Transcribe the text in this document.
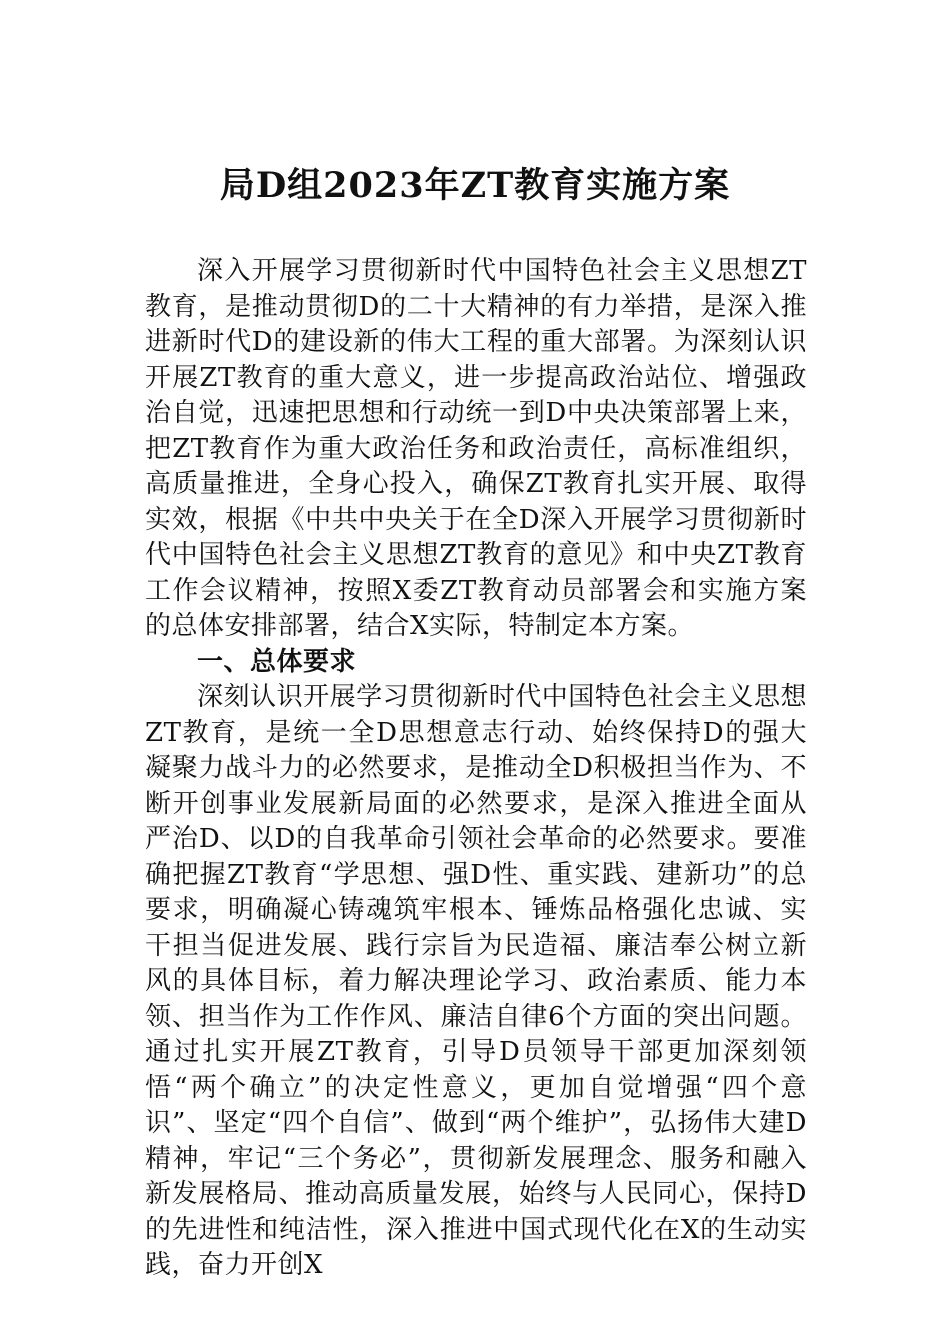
局D组2023年ZT教育实施方案

深入开展学习贯彻新时代中国特色社会主义思想ZT教育，是推动贯彻D的二十大精神的有力举措，是深入推进新时代D的建设新的伟大工程的重大部署。为深刻认识开展ZT教育的重大意义，进一步提高政治站位、增强政治自觉，迅速把思想和行动统一到D中央决策部署上来，把ZT教育作为重大政治任务和政治责任，高标准组织，高质量推进，全身心投入，确保ZT教育扎实开展、取得实效，根据《中共中央关于在全D深入开展学习贯彻新时代中国特色社会主义思想ZT教育的意见》和中央ZT教育工作会议精神，按照X委ZT教育动员部署会和实施方案的总体安排部署，结合X实际，特制定本方案。

一、总体要求

深刻认识开展学习贯彻新时代中国特色社会主义思想ZT教育，是统一全D思想意志行动、始终保持D的强大凝聚力战斗力的必然要求，是推动全D积极担当作为、不断开创事业发展新局面的必然要求，是深入推进全面从严治D、以D的自我革命引领社会革命的必然要求。要准确把握ZT教育“学思想、强D性、重实践、建新功”的总要求，明确凝心铸魂筑牢根本、锤炼品格强化忠诚、实干担当促进发展、践行宗旨为民造福、廉洁奉公树立新风的具体目标，着力解决理论学习、政治素质、能力本领、担当作为工作作风、廉洁自律6个方面的突出问题。通过扎实开展ZT教育，引导D员领导干部更加深刻领悟“两个确立”的决定性意义，更加自觉增强“四个意识”、坚定“四个自信”、做到“两个维护”，弘扬伟大建D精神，牢记“三个务必”，贯彻新发展理念、服务和融入新发展格局、推动高质量发展，始终与人民同心，保持D的先进性和纯洁性，深入推进中国式现代化在X的生动实践，奋力开创X
